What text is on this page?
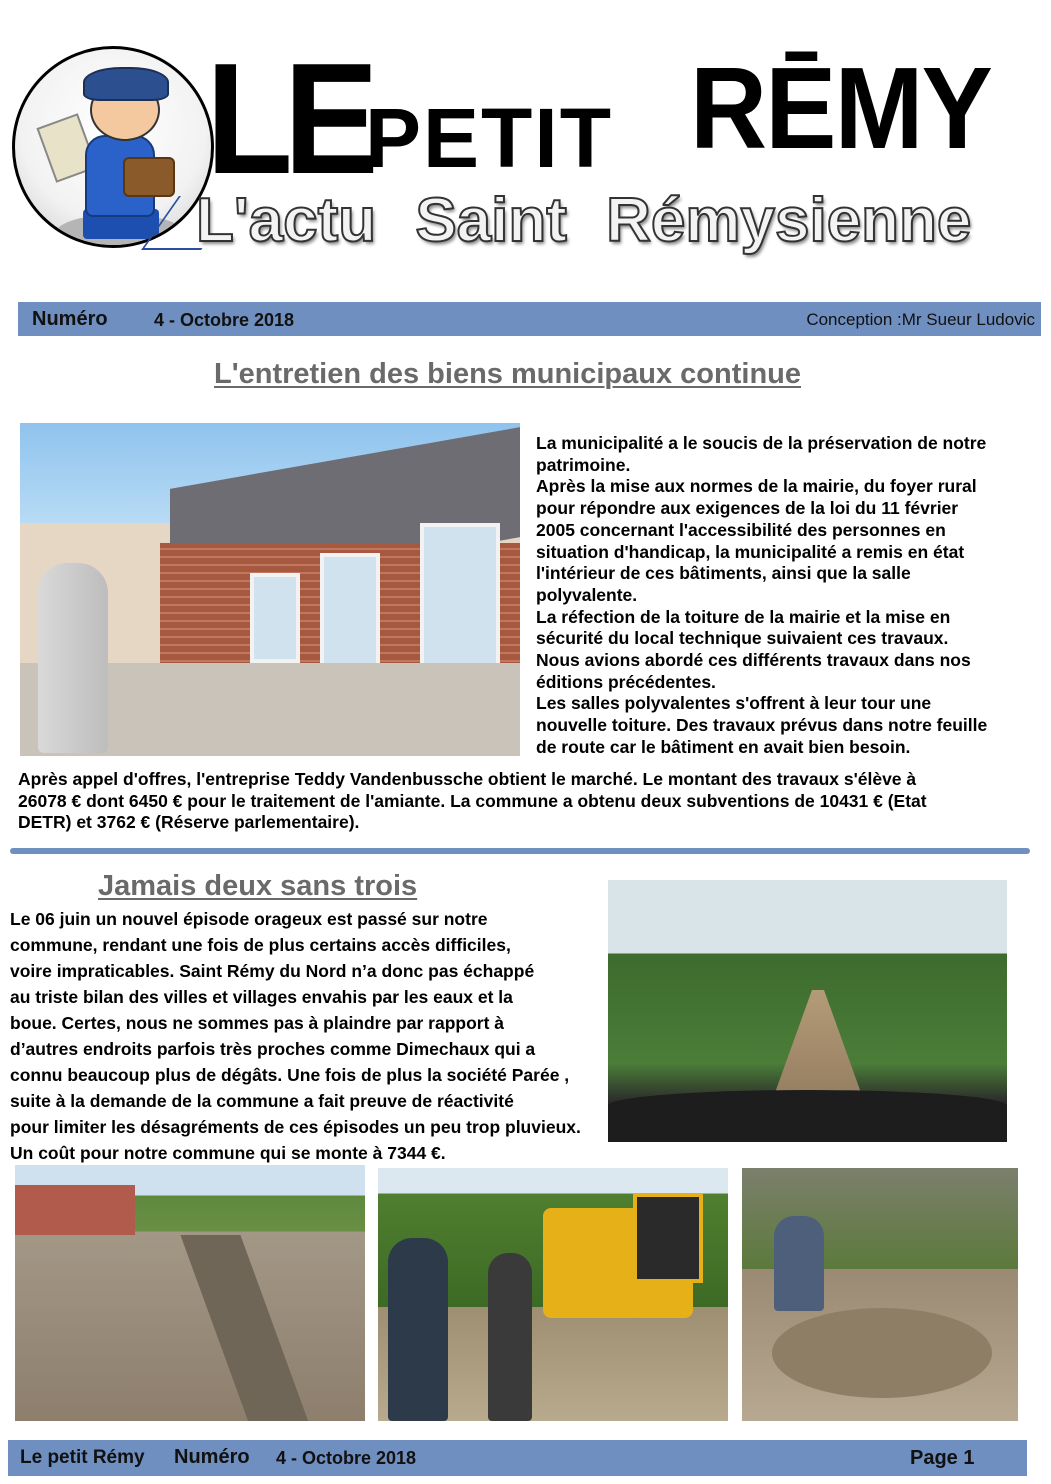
LE
PETIT RĒMY
L'actu Saint Rémysienne
Numéro	4 - Octobre 2018	Conception :Mr Sueur Ludovic
L'entretien des biens municipaux continue

La municipalité a le soucis de la préservation de notre

patrimoine.

Après la mise aux normes de la mairie, du foyer rural

pour répondre aux exigences de la loi du 11 février

2005 concernant l'accessibilité des personnes en

situation d'handicap, la municipalité a remis en état

l'intérieur de ces bâtiments, ainsi que la salle

polyvalente.

La réfection de la toiture de la mairie et la mise en

sécurité du local technique suivaient ces travaux.

Nous avions abordé ces différents travaux dans nos

éditions précédentes.

Les salles polyvalentes s'offrent à leur tour une

nouvelle toiture. Des travaux prévus dans notre feuille

de route car le bâtiment en avait bien besoin.

Après appel d'offres, l'entreprise Teddy Vandenbussche obtient le marché. Le montant des travaux s'élève à

26078 € dont 6450 € pour le traitement de l'amiante. La commune a obtenu deux subventions de 10431 € (Etat

DETR) et 3762 € (Réserve parlementaire).

Jamais deux sans trois

Le 06 juin un nouvel épisode orageux est passé sur notre

commune, rendant une fois de plus certains accès difficiles,

voire impraticables. Saint Rémy du Nord n’a donc pas échappé

au triste bilan des villes et villages envahis par les eaux et la

boue. Certes, nous ne sommes pas à plaindre par rapport à

d’autres endroits parfois très proches comme Dimechaux qui a

connu beaucoup plus de dégâts. Une fois de plus la société Parée ,

suite à la demande de la commune a fait preuve de réactivité

pour limiter les désagréments de ces épisodes un peu trop pluvieux.

Un coût pour notre commune qui se monte à 7344 €.

Le petit Rémy Numéro 4 - Octobre 2018	Page 1
